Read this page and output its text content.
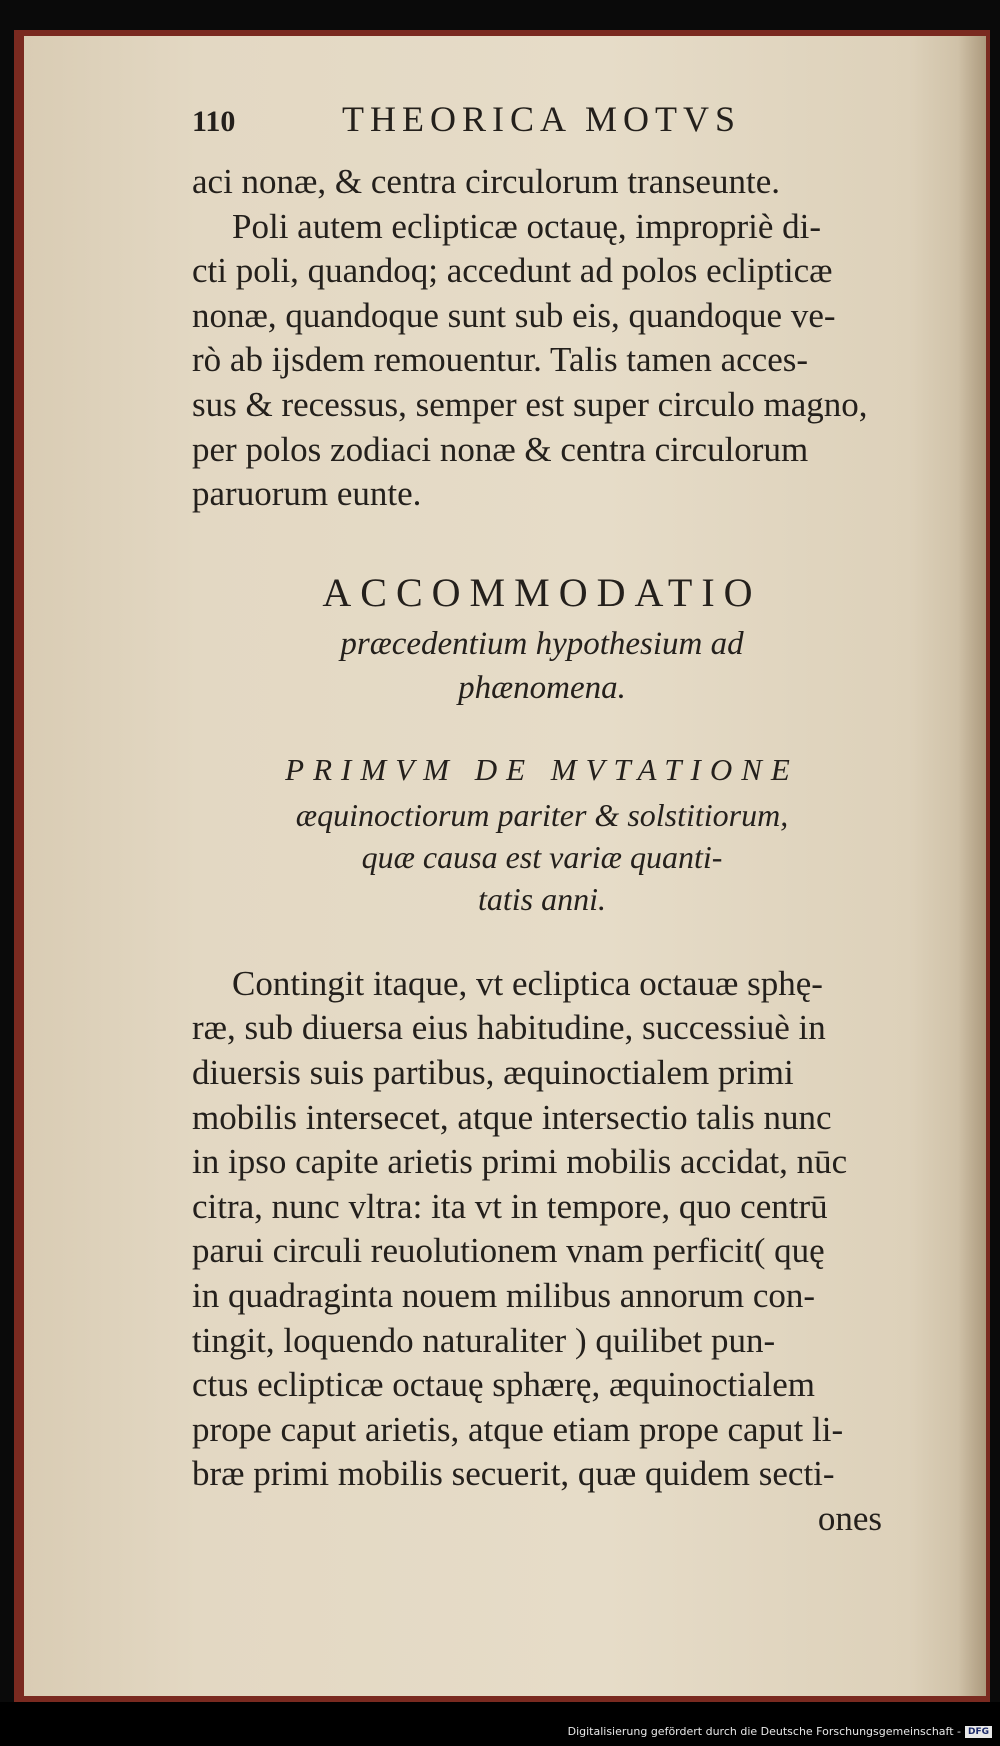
110	THEORICA MOTVS
aci nonæ, & centra circulorum transeunte.
Poli autem eclipticæ octauę, impropriè di-
cti poli, quandoq; accedunt ad polos eclipticæ
nonæ, quandoque sunt sub eis, quandoque ve-
rò ab ijsdem remouentur. Talis tamen acces-
sus & recessus, semper est super circulo magno,
per polos zodiaci nonæ & centra circulorum
paruorum eunte.
ACCOMMODATIO
præcedentium hypothesium ad
phænomena.
PRIMVM DE MVTATIONE
æquinoctiorum pariter & solstitiorum,
quæ causa est variæ quanti-
tatis anni.
Contingit itaque, vt ecliptica octauæ sphę-
ræ, sub diuersa eius habitudine, successiuè in
diuersis suis partibus, æquinoctialem primi
mobilis intersecet, atque intersectio talis nunc
in ipso capite arietis primi mobilis accidat, nūc
citra, nunc vltra: ita vt in tempore, quo centrū
parui circuli reuolutionem vnam perficit( quę
in quadraginta nouem milibus annorum con-
tingit, loquendo naturaliter ) quilibet pun-
ctus eclipticæ octauę sphærę, æquinoctialem
prope caput arietis, atque etiam prope caput li-
bræ primi mobilis secuerit, quæ quidem secti-
ones
Digitalisierung gefördert durch die Deutsche Forschungsgemeinschaft - DFG
